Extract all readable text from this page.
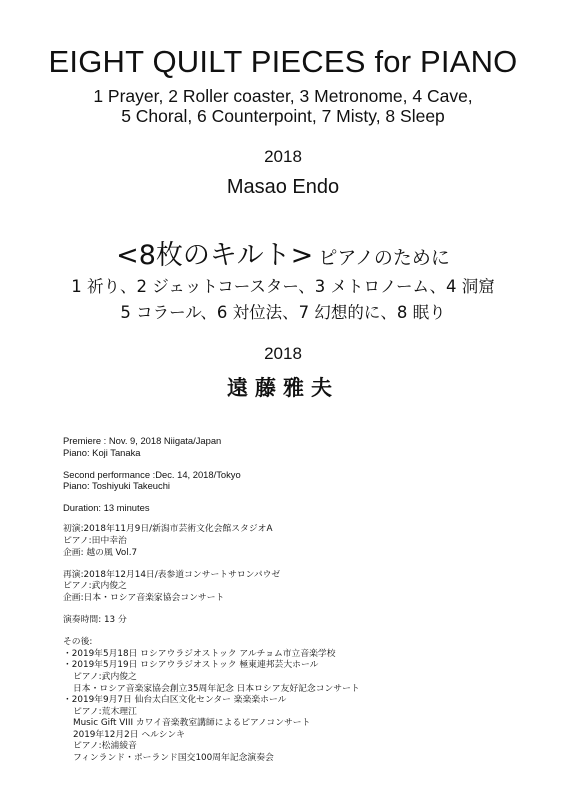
EIGHT QUILT PIECES for PIANO
1 Prayer, 2 Roller coaster, 3 Metronome, 4 Cave,
5 Choral, 6 Counterpoint, 7 Misty, 8 Sleep
2018
Masao Endo
<8枚のキルト> ピアノのために
1 祈り、2 ジェットコースター、3 メトロノーム、4 洞窟
5 コラール、6 対位法、7 幻想的に、8 眠り
2018
遠藤雅夫
Premiere : Nov. 9, 2018 Niigata/Japan
Piano: Koji Tanaka
Second performance :Dec. 14, 2018/Tokyo
Piano: Toshiyuki Takeuchi
Duration: 13 minutes
初演:2018年11月9日/新潟市芸術文化会館スタジオA
ピアノ:田中幸治
企画: 越の風 Vol.7
再演:2018年12月14日/表参道コンサートサロンパウゼ
ピアノ:武内俊之
企画:日本・ロシア音楽家協会コンサート
演奏時間: 13 分
その後:
・2019年5月18日 ロシアウラジオストック アルチョム市立音楽学校
・2019年5月19日 ロシアウラジオストック 極東連邦芸大ホール
ピアノ:武内俊之
日本・ロシア音楽家協会創立35周年記念 日本ロシア友好記念コンサート
・2019年9月7日 仙台太白区文化センター 楽楽楽ホール
ピアノ:荒木理江
Music Gift VIII カワイ音楽教室講師によるピアノコンサート
2019年12月2日 ヘルシンキ
ピアノ:松浦綾音
フィンランド・ポーランド国交100周年記念演奏会
